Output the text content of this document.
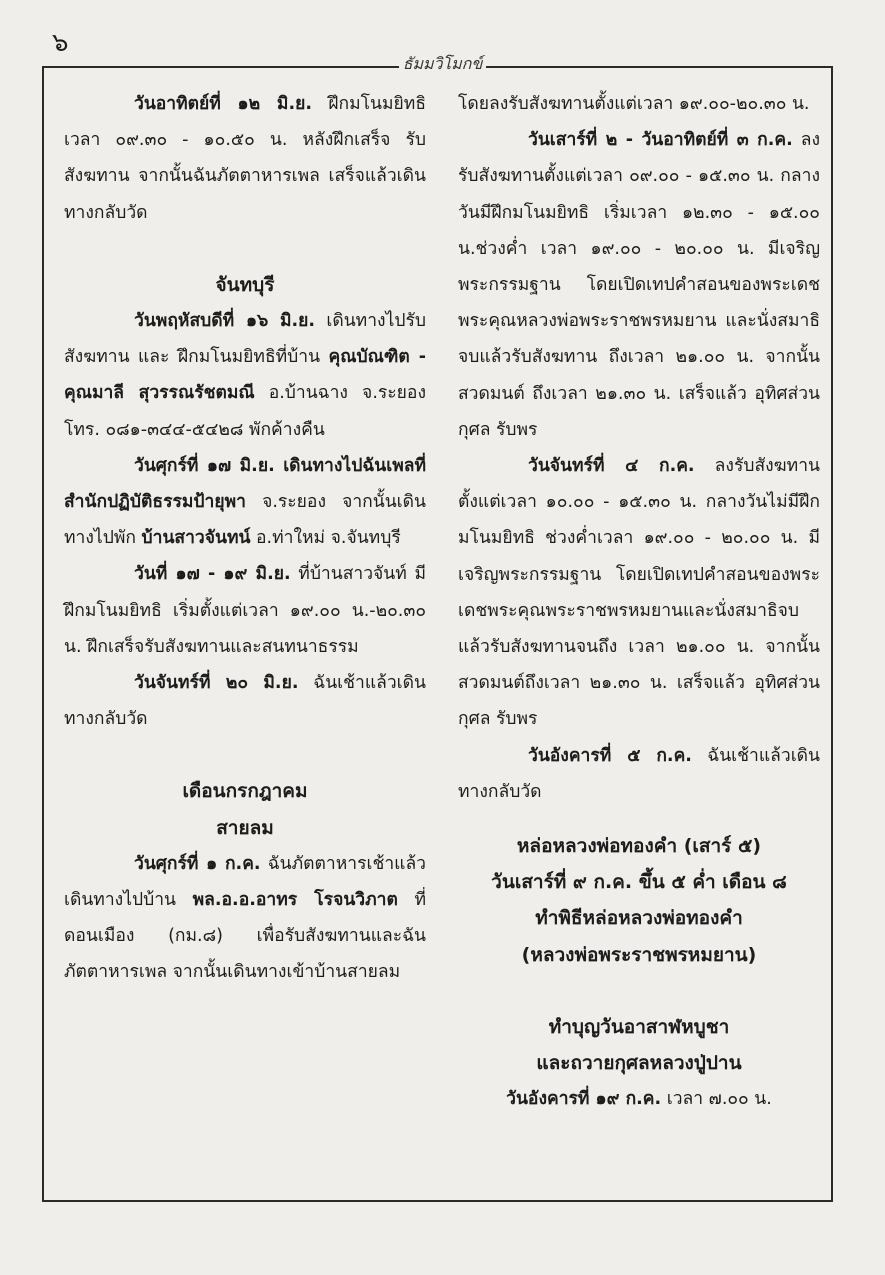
๖
ธัมมวิโมกข์

วันอาทิตย์ที่ ๑๒ มิ.ย. ฝึกมโนมยิทธิ เวลา ๐๙.๓๐ - ๑๐.๕๐ น. หลังฝึกเสร็จ รับสังฆทาน จากนั้นฉันภัตตาหารเพล เสร็จแล้วเดินทางกลับวัด

จันทบุรี

วันพฤหัสบดีที่ ๑๖ มิ.ย. เดินทางไปรับสังฆทาน และ ฝึกมโนมยิทธิที่บ้าน คุณบัณฑิต - คุณมาลี สุวรรณรัชตมณี อ.บ้านฉาง จ.ระยอง โทร. ๐๘๑-๓๔๔-๕๔๒๘ พักค้างคืน

วันศุกร์ที่ ๑๗ มิ.ย. เดินทางไปฉันเพลที่สำนักปฏิบัติธรรมป้ายุพา จ.ระยอง จากนั้นเดินทางไปพัก บ้านสาวจันทน์ อ.ท่าใหม่ จ.จันทบุรี

วันที่ ๑๗ - ๑๙ มิ.ย. ที่บ้านสาวจันท์ มีฝึกมโนมยิทธิ เริ่มตั้งแต่เวลา ๑๙.๐๐ น.-๒๐.๓๐ น. ฝึกเสร็จรับสังฆทานและสนทนาธรรม

วันจันทร์ที่ ๒๐ มิ.ย. ฉันเช้าแล้วเดินทางกลับวัด

เดือนกรกฎาคม

สายลม

วันศุกร์ที่ ๑ ก.ค. ฉันภัตตาหารเช้าแล้ว เดินทางไปบ้าน พล.อ.อ.อาทร โรจนวิภาต ที่ดอนเมือง (กม.๘) เพื่อรับสังฆทานและฉันภัตตาหารเพล จากนั้นเดินทางเข้าบ้านสายลม

โดยลงรับสังฆทานตั้งแต่เวลา ๑๙.๐๐-๒๐.๓๐ น.

วันเสาร์ที่ ๒ - วันอาทิตย์ที่ ๓ ก.ค. ลงรับสังฆทานตั้งแต่เวลา ๐๙.๐๐ - ๑๕.๓๐ น. กลางวันมีฝึกมโนมยิทธิ เริ่มเวลา ๑๒.๓๐ - ๑๕.๐๐ น.ช่วงค่ำ เวลา ๑๙.๐๐ - ๒๐.๐๐ น. มีเจริญพระกรรมฐาน โดยเปิดเทปคำสอนของพระเดชพระคุณหลวงพ่อพระราชพรหมยาน และนั่งสมาธิจบแล้วรับสังฆทาน ถึงเวลา ๒๑.๐๐ น. จากนั้น สวดมนต์ ถึงเวลา ๒๑.๓๐ น. เสร็จแล้ว อุทิศส่วนกุศล รับพร

วันจันทร์ที่ ๔ ก.ค. ลงรับสังฆทาน ตั้งแต่เวลา ๑๐.๐๐ - ๑๕.๓๐ น. กลางวันไม่มีฝึกมโนมยิทธิ ช่วงค่ำเวลา ๑๙.๐๐ - ๒๐.๐๐ น. มีเจริญพระกรรมฐาน โดยเปิดเทปคำสอนของพระเดชพระคุณพระราชพรหมยานและนั่งสมาธิจบแล้วรับสังฆทานจนถึง เวลา ๒๑.๐๐ น. จากนั้นสวดมนต์ถึงเวลา ๒๑.๓๐ น. เสร็จแล้ว อุทิศส่วนกุศล รับพร

วันอังคารที่ ๕ ก.ค. ฉันเช้าแล้วเดินทางกลับวัด

หล่อหลวงพ่อทองคำ (เสาร์ ๕)

วันเสาร์ที่ ๙ ก.ค. ขึ้น ๕ ค่ำ เดือน ๘

ทำพิธีหล่อหลวงพ่อทองคำ

(หลวงพ่อพระราชพรหมยาน)

ทำบุญวันอาสาฬหบูชา

และถวายกุศลหลวงปู่ปาน

วันอังคารที่ ๑๙ ก.ค. เวลา ๗.๐๐ น.
